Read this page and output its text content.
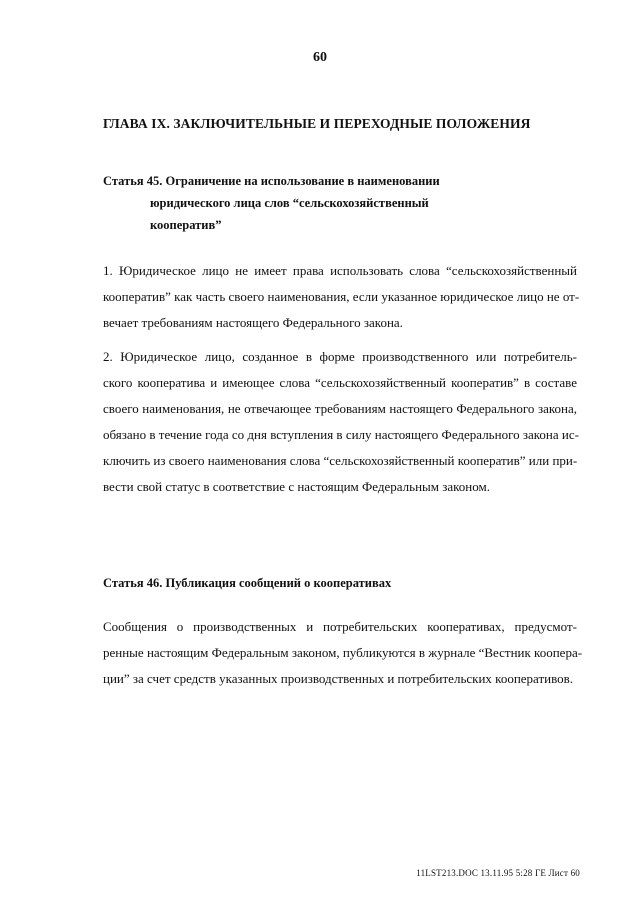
60
ГЛАВА IX. ЗАКЛЮЧИТЕЛЬНЫЕ И ПЕРЕХОДНЫЕ ПОЛОЖЕНИЯ
Статья 45. Ограничение на использование в наименовании
юридического лица слов “сельскохозяйственный
кооператив”
1. Юридическое лицо не имеет права использовать слова “сельскохозяйственный
кооператив” как часть своего наименования, если указанное юридическое лицо не от-
вечает требованиям настоящего Федерального закона.
2. Юридическое лицо, созданное в форме производственного или потребитель-
ского кооператива и имеющее слова “сельскохозяйственный кооператив” в составе
своего наименования, не отвечающее требованиям настоящего Федерального закона,
обязано в течение года со дня вступления в силу настоящего Федерального закона ис-
ключить из своего наименования слова “сельскохозяйственный кооператив” или при-
вести свой статус в соответствие с настоящим Федеральным законом.
Статья 46. Публикация сообщений о кооперативах
Сообщения о производственных и потребительских кооперативах, предусмот-
ренные настоящим Федеральным законом, публикуются в журнале “Вестник коопера-
ции” за счет средств указанных производственных и потребительских кооперативов.
11LST213.DOC 13.11.95 5:28 ГЕ Лист 60
